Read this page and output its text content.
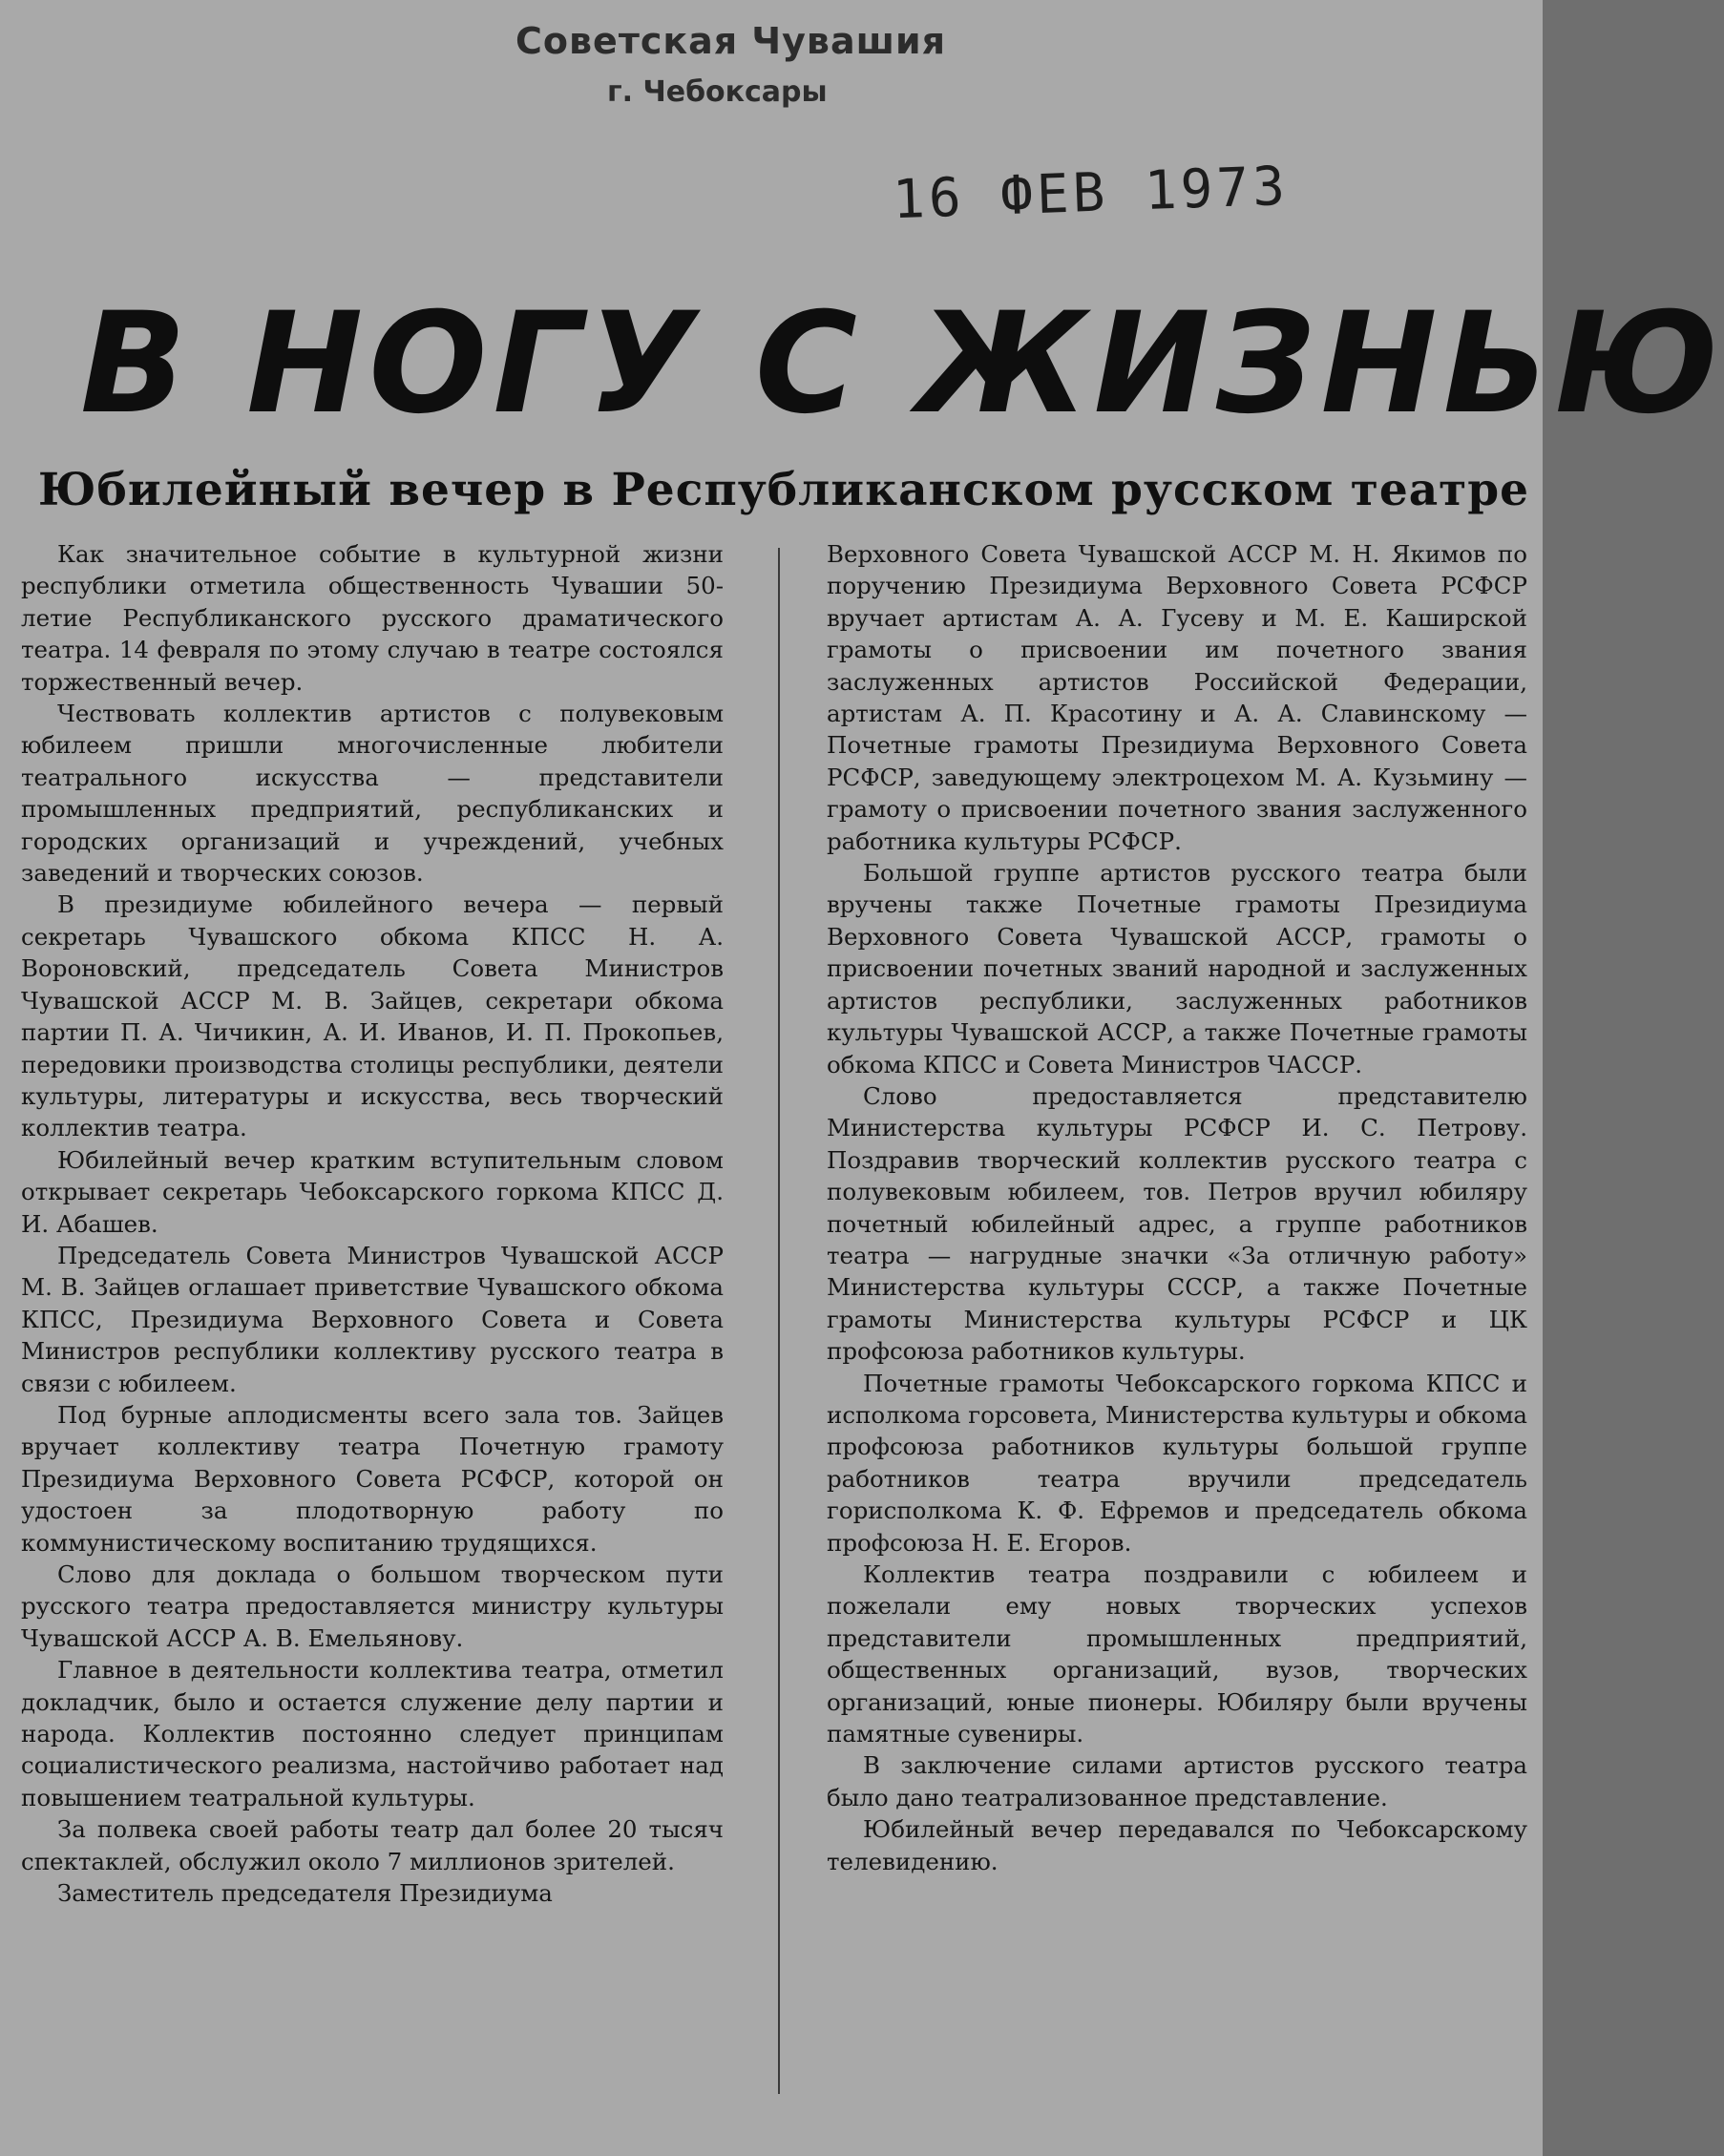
Советская Чувашия
г. Чебоксары
16 ФЕВ 1973
В НОГУ С ЖИЗНЬЮ
Юбилейный вечер в Республиканском русском театре

Как значительное событие в культурной жизни республики отметила общественность Чувашии 50-летие Республиканского русского драматического театра. 14 февраля по этому случаю в театре состоялся торжественный вечер.

Чествовать коллектив артистов с полувековым юбилеем пришли многочисленные любители театрального искусства — представители промышленных предприятий, республиканских и городских организаций и учреждений, учебных заведений и творческих союзов.

В президиуме юбилейного вечера — первый секретарь Чувашского обкома КПСС Н. А. Вороновский, председатель Совета Министров Чувашской АССР М. В. Зайцев, секретари обкома партии П. А. Чичикин, А. И. Иванов, И. П. Прокопьев, передовики производства столицы республики, деятели культуры, литературы и искусства, весь творческий коллектив театра.

Юбилейный вечер кратким вступительным словом открывает секретарь Чебоксарского горкома КПСС Д. И. Абашев.

Председатель Совета Министров Чувашской АССР М. В. Зайцев оглашает приветствие Чувашского обкома КПСС, Президиума Верховного Совета и Совета Министров республики коллективу русского театра в связи с юбилеем.

Под бурные аплодисменты всего зала тов. Зайцев вручает коллективу театра Почетную грамоту Президиума Верховного Совета РСФСР, которой он удостоен за плодотворную работу по коммунистическому воспитанию трудящихся.

Слово для доклада о большом творческом пути русского театра предоставляется министру культуры Чувашской АССР А. В. Емельянову.

Главное в деятельности коллектива театра, отметил докладчик, было и остается служение делу партии и народа. Коллектив постоянно следует принципам социалистического реализма, настойчиво работает над повышением театральной культуры.

За полвека своей работы театр дал более 20 тысяч спектаклей, обслужил около 7 миллионов зрителей.

Заместитель председателя Президиума

Верховного Совета Чувашской АССР М. Н. Якимов по поручению Президиума Верховного Совета РСФСР вручает артистам А. А. Гусеву и М. Е. Каширской грамоты о присвоении им почетного звания заслуженных артистов Российской Федерации, артистам А. П. Красотину и А. А. Славинскому — Почетные грамоты Президиума Верховного Совета РСФСР, заведующему электроцехом М. А. Кузьмину — грамоту о присвоении почетного звания заслуженного работника культуры РСФСР.

Большой группе артистов русского театра были вручены также Почетные грамоты Президиума Верховного Совета Чувашской АССР, грамоты о присвоении почетных званий народной и заслуженных артистов республики, заслуженных работников культуры Чувашской АССР, а также Почетные грамоты обкома КПСС и Совета Министров ЧАССР.

Слово предоставляется представителю Министерства культуры РСФСР И. С. Петрову. Поздравив творческий коллектив русского театра с полувековым юбилеем, тов. Петров вручил юбиляру почетный юбилейный адрес, а группе работников театра — нагрудные значки «За отличную работу» Министерства культуры СССР, а также Почетные грамоты Министерства культуры РСФСР и ЦК профсоюза работников культуры.

Почетные грамоты Чебоксарского горкома КПСС и исполкома горсовета, Министерства культуры и обкома профсоюза работников культуры большой группе работников театра вручили председатель горисполкома К. Ф. Ефремов и председатель обкома профсоюза Н. Е. Егоров.

Коллектив театра поздравили с юбилеем и пожелали ему новых творческих успехов представители промышленных предприятий, общественных организаций, вузов, творческих организаций, юные пионеры. Юбиляру были вручены памятные сувениры.

В заключение силами артистов русского театра было дано театрализованное представление.

Юбилейный вечер передавался по Чебоксарскому телевидению.
